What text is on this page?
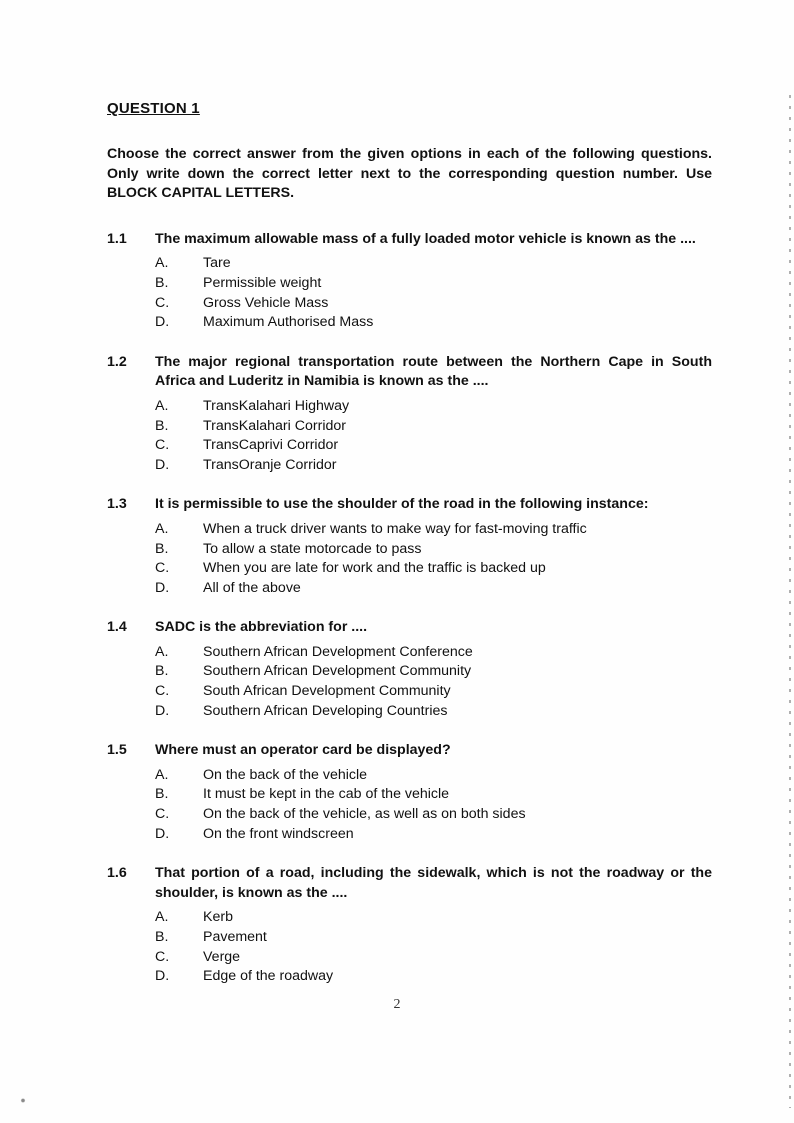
QUESTION 1

Choose the correct answer from the given options in each of the following questions. Only write down the correct letter next to the corresponding question number. Use BLOCK CAPITAL LETTERS.

1.1	The maximum allowable mass of a fully loaded motor vehicle is known as the ....
A.	Tare
B.	Permissible weight
C.	Gross Vehicle Mass
D.	Maximum Authorised Mass
1.2	The major regional transportation route between the Northern Cape in South Africa and Luderitz in Namibia is known as the ....
A.	TransKalahari Highway
B.	TransKalahari Corridor
C.	TransCaprivi Corridor
D.	TransOranje Corridor
1.3	It is permissible to use the shoulder of the road in the following instance:
A.	When a truck driver wants to make way for fast-moving traffic
B.	To allow a state motorcade to pass
C.	When you are late for work and the traffic is backed up
D.	All of the above
1.4	SADC is the abbreviation for ....
A.	Southern African Development Conference
B.	Southern African Development Community
C.	South African Development Community
D.	Southern African Developing Countries
1.5	Where must an operator card be displayed?
A.	On the back of the vehicle
B.	It must be kept in the cab of the vehicle
C.	On the back of the vehicle, as well as on both sides
D.	On the front windscreen
1.6	That portion of a road, including the sidewalk, which is not the roadway or the shoulder, is known as the ....
A.	Kerb
B.	Pavement
C.	Verge
D.	Edge of the roadway
2
